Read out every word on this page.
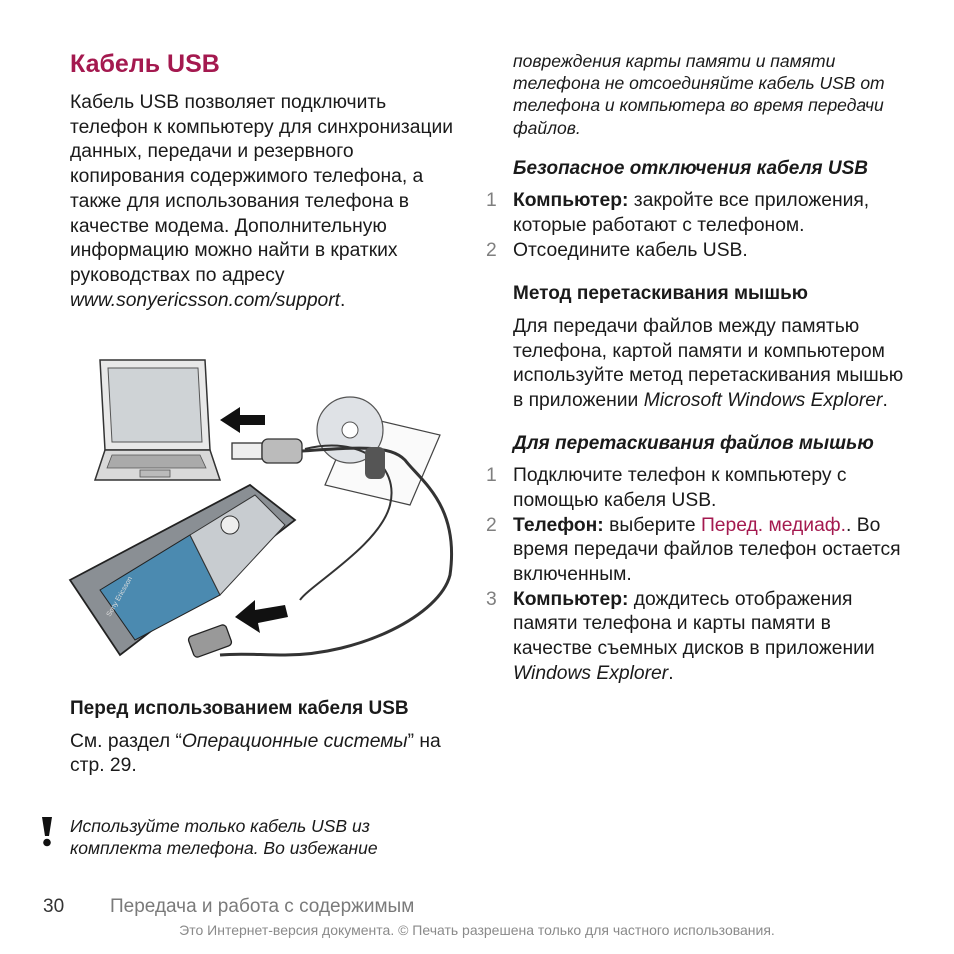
Кабель USB

Кабель USB позволяет подключить телефон к компьютеру для синхронизации данных, передачи и резервного копирования содержимого телефона, а также для использования телефона в качестве модема. Дополнительную информацию можно найти в кратких руководствах по адресу www.sonyericsson.com/support.

Sony Ericsson
Перед использованием кабеля USB

См. раздел “Операционные системы” на стр. 29.

Используйте только кабель USB из комплекта телефона. Во избежание

повреждения карты памяти и памяти телефона не отсоединяйте кабель USB от телефона и компьютера во время передачи файлов.

Безопасное отключения кабеля USB
1 Компьютер: закройте все приложения, которые работают с телефоном.
2 Отсоедините кабель USB.
Метод перетаскивания мышью

Для передачи файлов между памятью телефона, картой памяти и компьютером используйте метод перетаскивания мышью в приложении Microsoft Windows Explorer.

Для перетаскивания файлов мышью
1 Подключите телефон к компьютеру с помощью кабеля USB.
2 Телефон: выберите Перед. медиаф.. Во время передачи файлов телефон остается включенным.
3 Компьютер: дождитесь отображения памяти телефона и карты памяти в качестве съемных дисков в приложении Windows Explorer.
30 Передача и работа с содержимым
Это Интернет-версия документа. © Печать разрешена только для частного использования.
